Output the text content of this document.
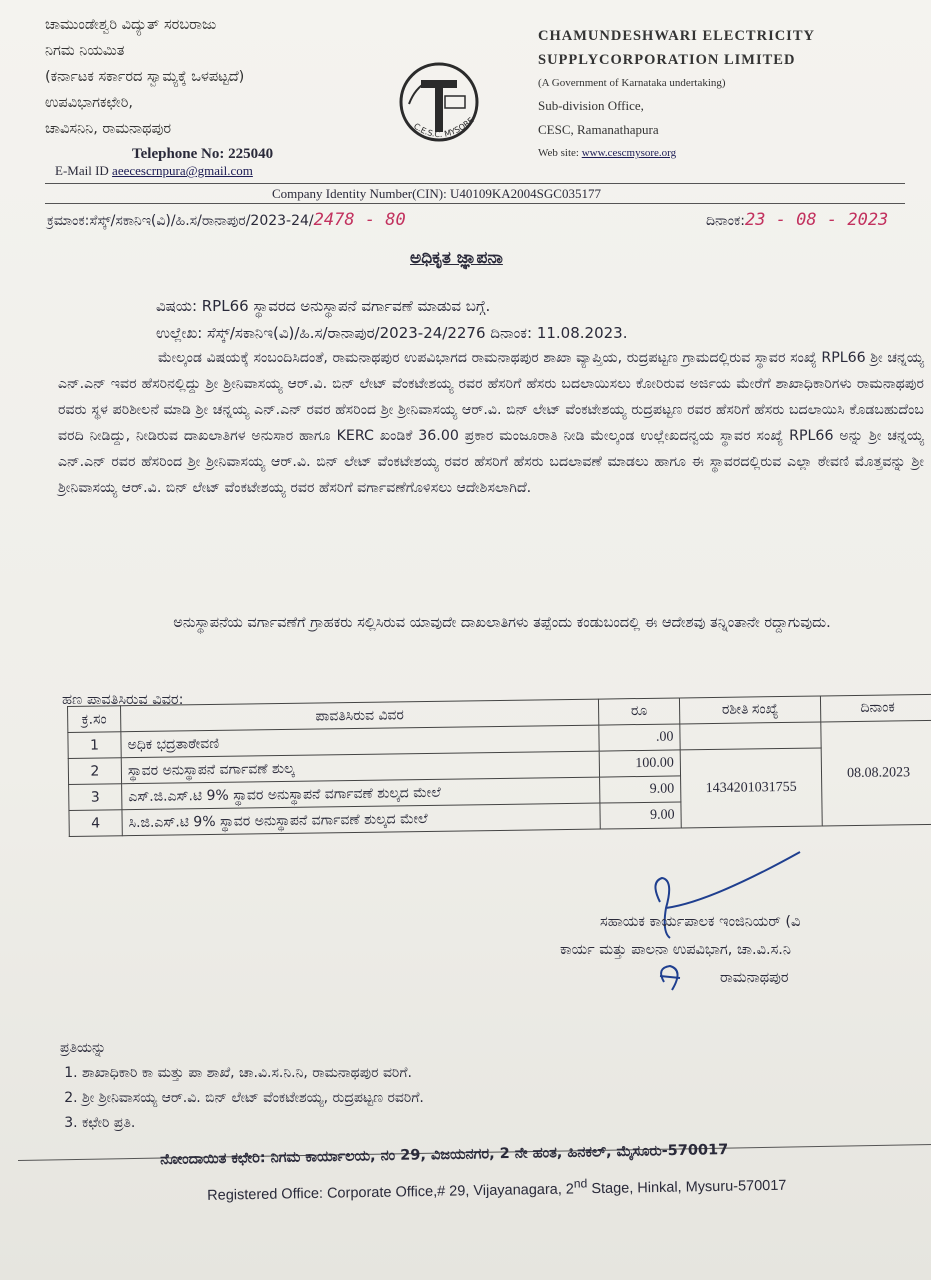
ಚಾಮುಂಡೇಶ್ವರಿ ವಿದ್ಯುತ್ ಸರಬರಾಜು
ನಿಗಮ ನಿಯಮಿತ
(ಕರ್ನಾಟಕ ಸರ್ಕಾರದ ಸ್ವಾಮ್ಯಕ್ಕೆ ಒಳಪಟ್ಟದೆ)
ಉಪವಿಭಾಗಕಛೇರಿ,
ಚಾವಿಸನಿನಿ, ರಾಮನಾಥಪುರ	C.E.S.C. MYSORE
CHAMUNDESHWARI ELECTRICITY
SUPPLYCORPORATION LIMITED
(A Government of Karnataka undertaking)
Sub-division Office,
CESC, Ramanathapura
Web site: www.cescmysore.org
Telephone No: 225040
E-Mail ID aeecescrnpura@gmail.com
Company Identity Number(CIN): U40109KA2004SGC035177
ಕ್ರಮಾಂಕ:ಸೆಸ್ಕ್/ಸಕಾನಿಇ(ವಿ)/ಹಿ.ಸ/ರಾನಾಪುರ/2023-24/2478 - 80	ದಿನಾಂಕ:23 - 08 - 2023
ಅಧಿಕೃತ ಜ್ಞಾಪನಾ
ವಿಷಯ: RPL66 ಸ್ಥಾವರದ ಅನುಸ್ಥಾಪನೆ ವರ್ಗಾವಣೆ ಮಾಡುವ ಬಗ್ಗೆ.
ಉಲ್ಲೇಖ: ಸೆಸ್ಕ್/ಸಕಾನಿಇ(ವಿ)/ಹಿ.ಸ/ರಾನಾಪುರ/2023-24/2276 ದಿನಾಂಕ: 11.08.2023.

ಮೇಲ್ಕಂಡ ವಿಷಯಕ್ಕೆ ಸಂಬಂದಿಸಿದಂತೆ, ರಾಮನಾಥಪುರ ಉಪವಿಭಾಗದ ರಾಮನಾಥಪುರ ಶಾಖಾ ವ್ಯಾಪ್ತಿಯ, ರುದ್ರಪಟ್ಟಣ ಗ್ರಾಮದಲ್ಲಿರುವ ಸ್ಥಾವರ ಸಂಖ್ಯೆ RPL66 ಶ್ರೀ ಚನ್ನಯ್ಯ ಎನ್.ಎನ್ ಇವರ ಹೆಸರಿನಲ್ಲಿದ್ದು ಶ್ರೀ ಶ್ರೀನಿವಾಸಯ್ಯ ಆರ್.ವಿ. ಬಿನ್ ಲೇಟ್ ವೆಂಕಟೇಶಯ್ಯ ರವರ ಹೆಸರಿಗೆ ಹೆಸರು ಬದಲಾಯಿಸಲು ಕೋರಿರುವ ಅರ್ಜಿಯ ಮೇರೆಗೆ ಶಾಖಾಧಿಕಾರಿಗಳು ರಾಮನಾಥಪುರ ರವರು ಸ್ಥಳ ಪರಿಶೀಲನೆ ಮಾಡಿ ಶ್ರೀ ಚನ್ನಯ್ಯ ಎನ್.ಎನ್ ರವರ ಹೆಸರಿಂದ ಶ್ರೀ ಶ್ರೀನಿವಾಸಯ್ಯ ಆರ್.ವಿ. ಬಿನ್ ಲೇಟ್ ವೆಂಕಟೇಶಯ್ಯ ರುದ್ರಪಟ್ಟಣ ರವರ ಹೆಸರಿಗೆ ಹೆಸರು ಬದಲಾಯಿಸಿ ಕೊಡಬಹುದೆಂಬ ವರದಿ ನೀಡಿದ್ದು, ನೀಡಿರುವ ದಾಖಲಾತಿಗಳ ಅನುಸಾರ ಹಾಗೂ KERC ಖಂಡಿಕೆ 36.00 ಪ್ರಕಾರ ಮಂಜೂರಾತಿ ನೀಡಿ ಮೇಲ್ಕಂಡ ಉಲ್ಲೇಖದನ್ವಯ ಸ್ಥಾವರ ಸಂಖ್ಯೆ RPL66 ಅನ್ನು ಶ್ರೀ ಚನ್ನಯ್ಯ ಎನ್.ಎನ್ ರವರ ಹೆಸರಿಂದ ಶ್ರೀ ಶ್ರೀನಿವಾಸಯ್ಯ ಆರ್.ವಿ. ಬಿನ್ ಲೇಟ್ ವೆಂಕಟೇಶಯ್ಯ ರವರ ಹೆಸರಿಗೆ ಹೆಸರು ಬದಲಾವಣೆ ಮಾಡಲು ಹಾಗೂ ಈ ಸ್ಥಾವರದಲ್ಲಿರುವ ಎಲ್ಲಾ ಠೇವಣಿ ಮೊತ್ತವನ್ನು ಶ್ರೀ ಶ್ರೀನಿವಾಸಯ್ಯ ಆರ್.ವಿ. ಬಿನ್ ಲೇಟ್ ವೆಂಕಟೇಶಯ್ಯ ರವರ ಹೆಸರಿಗೆ ವರ್ಗಾವಣೆಗೊಳಿಸಲು ಆದೇಶಿಸಲಾಗಿದೆ.

ಅನುಸ್ಥಾಪನೆಯ ವರ್ಗಾವಣೆಗೆ ಗ್ರಾಹಕರು ಸಲ್ಲಿಸಿರುವ ಯಾವುದೇ ದಾಖಲಾತಿಗಳು ತಪ್ಪೆಂದು ಕಂಡುಬಂದಲ್ಲಿ ಈ ಆದೇಶವು ತನ್ನಿಂತಾನೇ ರದ್ದಾಗುವುದು.
ಹಣ ಪಾವತಿಸಿರುವ ವಿವರ:
ಕ್ರ.ಸಂ	ಪಾವತಿಸಿರುವ ವಿವರ	ರೂ	ರಶೀತಿ ಸಂಖ್ಯೆ	ದಿನಾಂಕ
1	ಅಧಿಕ ಭದ್ರತಾಠೇವಣಿ	.00		08.08.2023
2	ಸ್ಥಾವರ ಅನುಸ್ಥಾಪನೆ ವರ್ಗಾವಣೆ ಶುಲ್ಕ	100.00	1434201031755	
3	ಎಸ್.ಜಿ.ಎಸ್.ಟಿ 9% ಸ್ಥಾವರ ಅನುಸ್ಥಾಪನೆ ವರ್ಗಾವಣೆ ಶುಲ್ಕದ ಮೇಲೆ	9.00		
4	ಸಿ.ಜಿ.ಎಸ್.ಟಿ 9% ಸ್ಥಾವರ ಅನುಸ್ಥಾಪನೆ ವರ್ಗಾವಣೆ ಶುಲ್ಕದ ಮೇಲೆ	9.00		
ಸಹಾಯಕ ಕಾರ್ಯಪಾಲಕ ಇಂಜಿನಿಯರ್ (ವಿ
ಕಾರ್ಯ ಮತ್ತು ಪಾಲನಾ ಉಪವಿಭಾಗ, ಚಾ.ವಿ.ಸ.ನಿ
ರಾಮನಾಥಪುರ
ಪ್ರತಿಯನ್ನು
1. ಶಾಖಾಧಿಕಾರಿ ಕಾ ಮತ್ತು ಪಾ ಶಾಖೆ, ಚಾ.ವಿ.ಸ.ನಿ.ನಿ, ರಾಮನಾಥಪುರ ವರಿಗೆ.
2. ಶ್ರೀ ಶ್ರೀನಿವಾಸಯ್ಯ ಆರ್.ವಿ. ಬಿನ್ ಲೇಟ್ ವೆಂಕಟೇಶಯ್ಯ, ರುದ್ರಪಟ್ಟಣ ರವರಿಗೆ.
3. ಕಛೇರಿ ಪ್ರತಿ.
ನೋಂದಾಯಿತ ಕಛೇರಿ: ನಿಗಮ ಕಾರ್ಯಾಲಯ, ನಂ 29, ವಿಜಯನಗರ, 2 ನೇ ಹಂತ, ಹಿನಕಲ್, ಮೈಸೂರು-570017
Registered Office: Corporate Office,# 29, Vijayanagara, 2nd Stage, Hinkal, Mysuru-570017
